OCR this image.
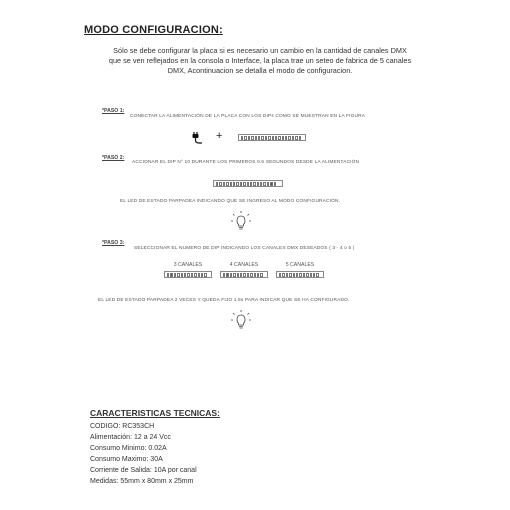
MODO CONFIGURACION:
Sólo se debe configurar la placa si es necesario un cambio en la cantidad de canales DMX
que se ven reflejados en la consola o Interface, la placa trae un seteo de fabrica de 5 canales
DMX, Acontinuacion se detalla el modo de configuracion.
*PASO 1:
CONECTAR LA ALIMENTACIÓN DE LA PLACA CON LOS DIPs COMO SE MUESTRAN EN LA FIGURA
+
*PASO 2:
ACCIONAR EL DIP N° 10 DURANTE LOS PRIMEROS 0.5 SEGUNDOS DESDE LA ALIMENTACIÓN
EL LED DE ESTADO PARPADEA INDICANDO QUE SE INGRESO AL MODO CONFIGURACIÓN.
*PASO 3:
SELECCIONAR EL NUMERO DE DIP INDICANDO LOS CANALES DMX DESEADOS ( 3 - 4 o 5 )
3 CANALES	4 CANALES	5 CANALES
EL LED DE ESTADO PARPADEA 2 VECES Y QUEDA FIJO 1.5s PARA INDICAR QUE SE HA CONFIGURADO.
CARACTERISTICAS TECNICAS:
CODIGO: RC353CH
Alimentación: 12 a 24 Vcc
Consumo Minimo: 0.02A
Consumo Maximo: 30A
Corriente de Salida: 10A por canal
Medidas: 55mm x 80mm x 25mm
